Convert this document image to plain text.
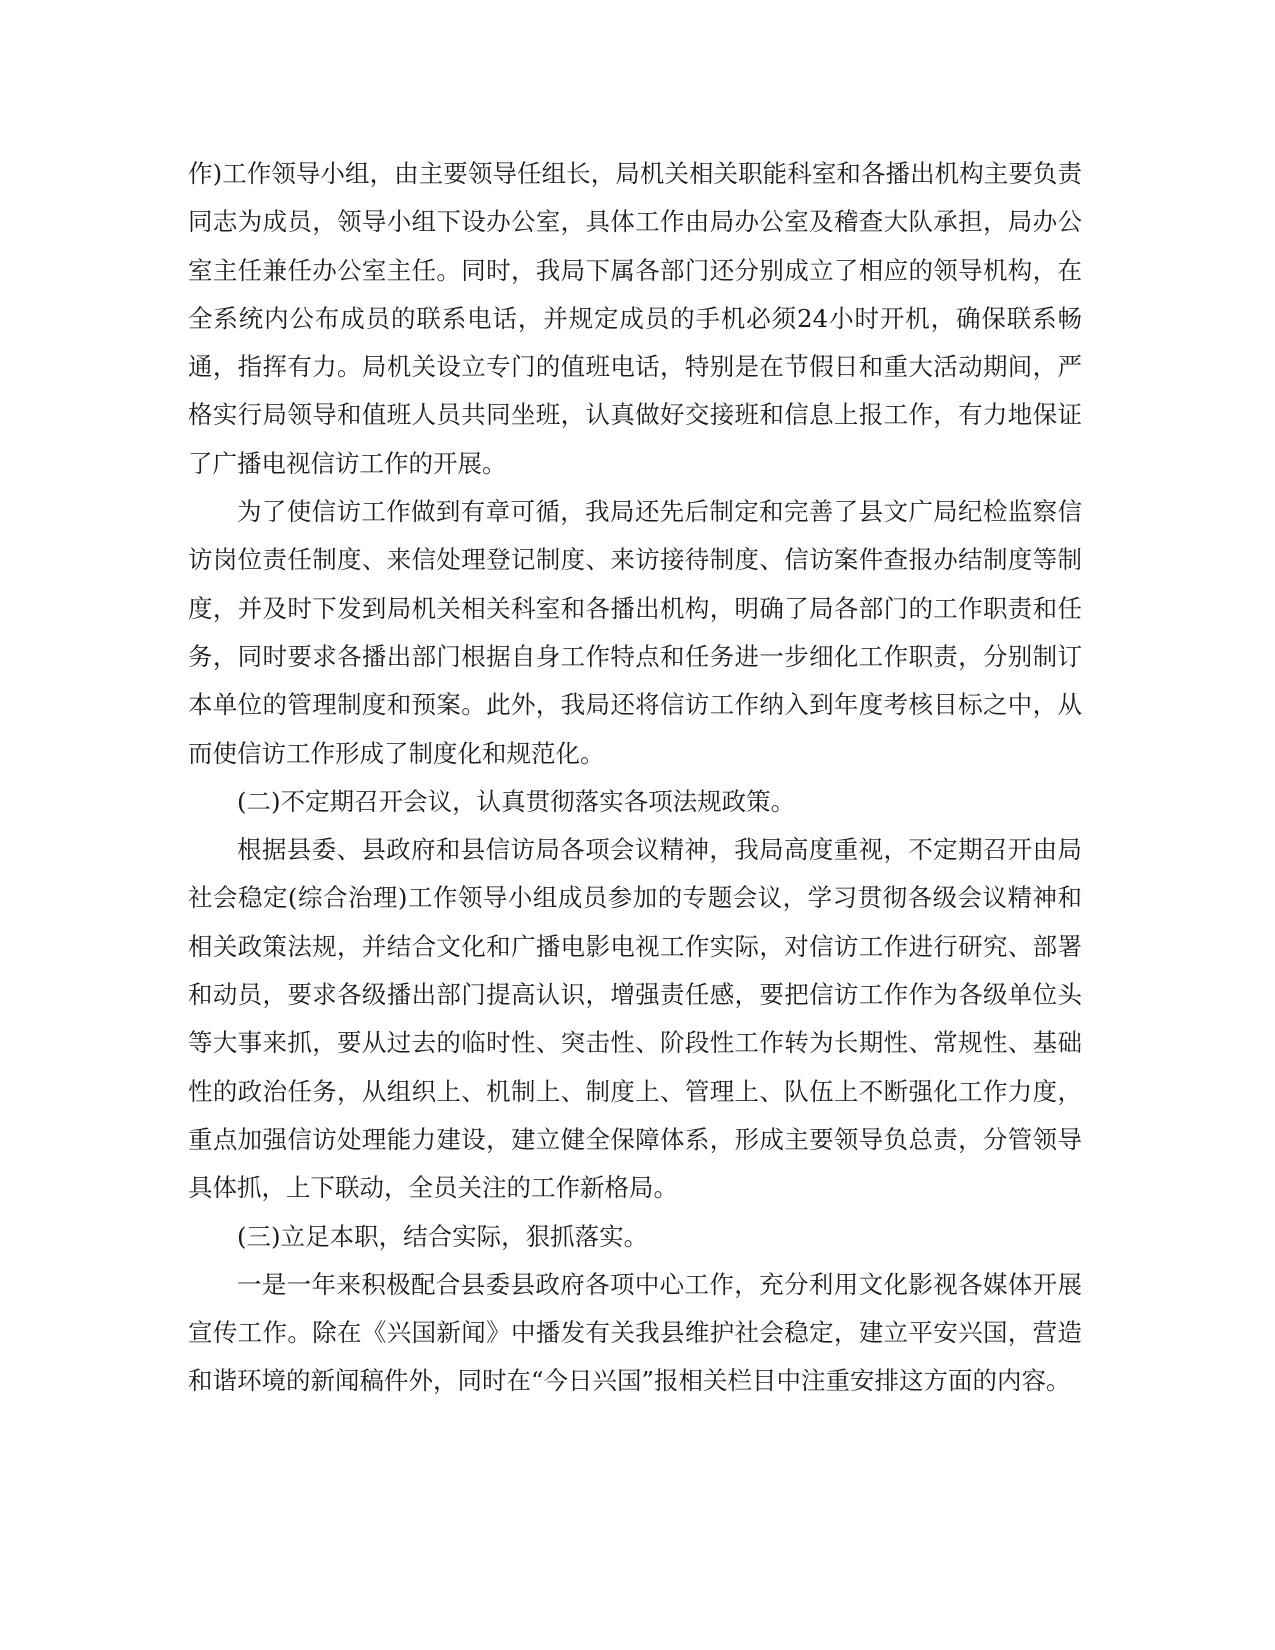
作)工作领导小组，由主要领导任组长，局机关相关职能科室和各播出机构主要负责同志为成员，领导小组下设办公室，具体工作由局办公室及稽查大队承担，局办公室主任兼任办公室主任。同时，我局下属各部门还分别成立了相应的领导机构，在全系统内公布成员的联系电话，并规定成员的手机必须24小时开机，确保联系畅通，指挥有力。局机关设立专门的值班电话，特别是在节假日和重大活动期间，严格实行局领导和值班人员共同坐班，认真做好交接班和信息上报工作，有力地保证了广播电视信访工作的开展。

为了使信访工作做到有章可循，我局还先后制定和完善了县文广局纪检监察信访岗位责任制度、来信处理登记制度、来访接待制度、信访案件查报办结制度等制度，并及时下发到局机关相关科室和各播出机构，明确了局各部门的工作职责和任务，同时要求各播出部门根据自身工作特点和任务进一步细化工作职责，分别制订本单位的管理制度和预案。此外，我局还将信访工作纳入到年度考核目标之中，从而使信访工作形成了制度化和规范化。

(二)不定期召开会议，认真贯彻落实各项法规政策。

根据县委、县政府和县信访局各项会议精神，我局高度重视，不定期召开由局社会稳定(综合治理)工作领导小组成员参加的专题会议，学习贯彻各级会议精神和相关政策法规，并结合文化和广播电影电视工作实际，对信访工作进行研究、部署和动员，要求各级播出部门提高认识，增强责任感，要把信访工作作为各级单位头等大事来抓，要从过去的临时性、突击性、阶段性工作转为长期性、常规性、基础性的政治任务，从组织上、机制上、制度上、管理上、队伍上不断强化工作力度，重点加强信访处理能力建设，建立健全保障体系，形成主要领导负总责，分管领导具体抓，上下联动，全员关注的工作新格局。

(三)立足本职，结合实际，狠抓落实。

一是一年来积极配合县委县政府各项中心工作，充分利用文化影视各媒体开展宣传工作。除在《兴国新闻》中播发有关我县维护社会稳定，建立平安兴国，营造和谐环境的新闻稿件外，同时在“今日兴国”报相关栏目中注重安排这方面的内容。
